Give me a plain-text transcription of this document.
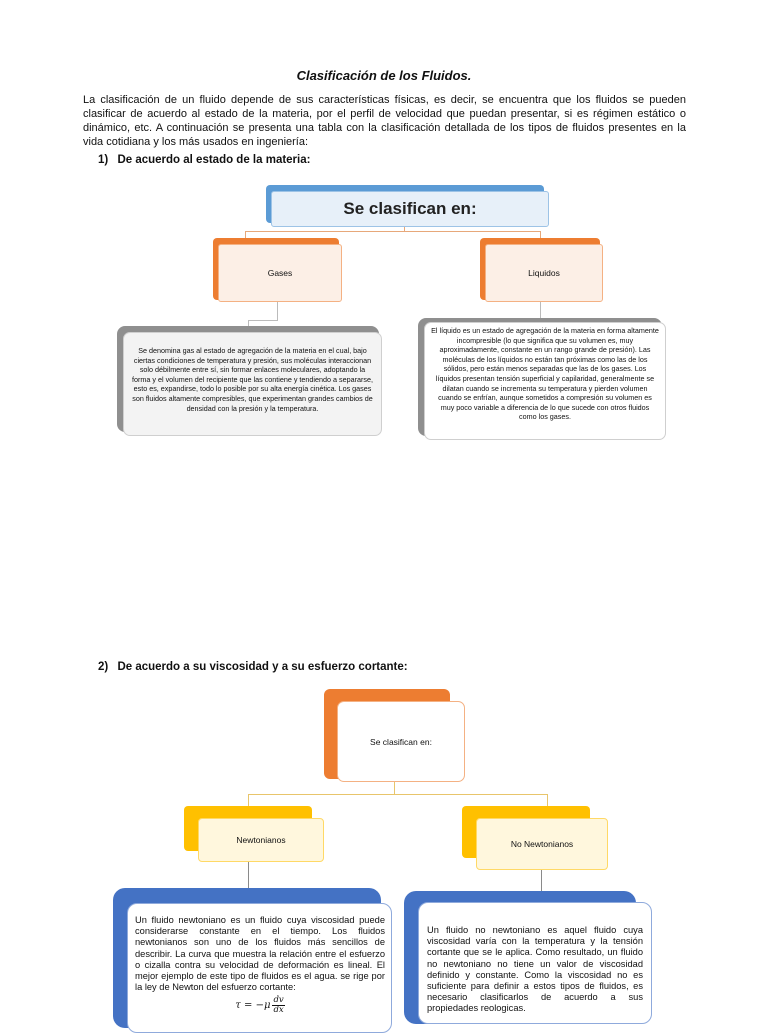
Clasificación de los Fluidos.
La clasificación de un fluido depende de sus características físicas, es decir, se encuentra que los fluidos se pueden clasificar de acuerdo al estado de la materia, por el perfil de velocidad que puedan presentar, si es régimen estático o dinámico, etc. A continuación se presenta una tabla con la clasificación detallada de los tipos de fluidos presentes en la vida cotidiana y los más usados en ingeniería:
1) De acuerdo al estado de la materia:
Se clasifican en:
Gases	Liquidos
Se denomina gas al estado de agregación de la materia en el cual, bajo ciertas condiciones de temperatura y presión, sus moléculas interaccionan solo débilmente entre sí, sin formar enlaces moleculares, adoptando la forma y el volumen del recipiente que las contiene y tendiendo a separarse, esto es, expandirse, todo lo posible por su alta energía cinética. Los gases son fluidos altamente compresibles, que experimentan grandes cambios de densidad con la presión y la temperatura.
El líquido es un estado de agregación de la materia en forma altamente incompresible (lo que significa que su volumen es, muy aproximadamente, constante en un rango grande de presión). Las moléculas de los líquidos no están tan próximas como las de los sólidos, pero están menos separadas que las de los gases. Los líquidos presentan tensión superficial y capilaridad, generalmente se dilatan cuando se incrementa su temperatura y pierden volumen cuando se enfrían, aunque sometidos a compresión su volumen es muy poco variable a diferencia de lo que sucede con otros fluidos como los gases.
2) De acuerdo a su viscosidad y a su esfuerzo cortante:
Se clasifican en:
Newtonianos	No Newtonianos
Un fluido newtoniano es un fluido cuya viscosidad puede considerarse constante en el tiempo. Los fluidos newtonianos son uno de los fluidos más sencillos de describir. La curva que muestra la relación entre el esfuerzo o cizalla contra su velocidad de deformación es lineal. El mejor ejemplo de este tipo de fluidos es el agua. se rige por la ley de Newton del esfuerzo cortante:
$\tau = -\mu \frac{dv}{dx}$
Un fluido no newtoniano es aquel fluido cuya viscosidad varía con la temperatura y la tensión cortante que se le aplica. Como resultado, un fluido no newtoniano no tiene un valor de viscosidad definido y constante. Como la viscosidad no es suficiente para definir a estos tipos de fluidos, es necesario clasificarlos de acuerdo a sus propiedades reologicas.
